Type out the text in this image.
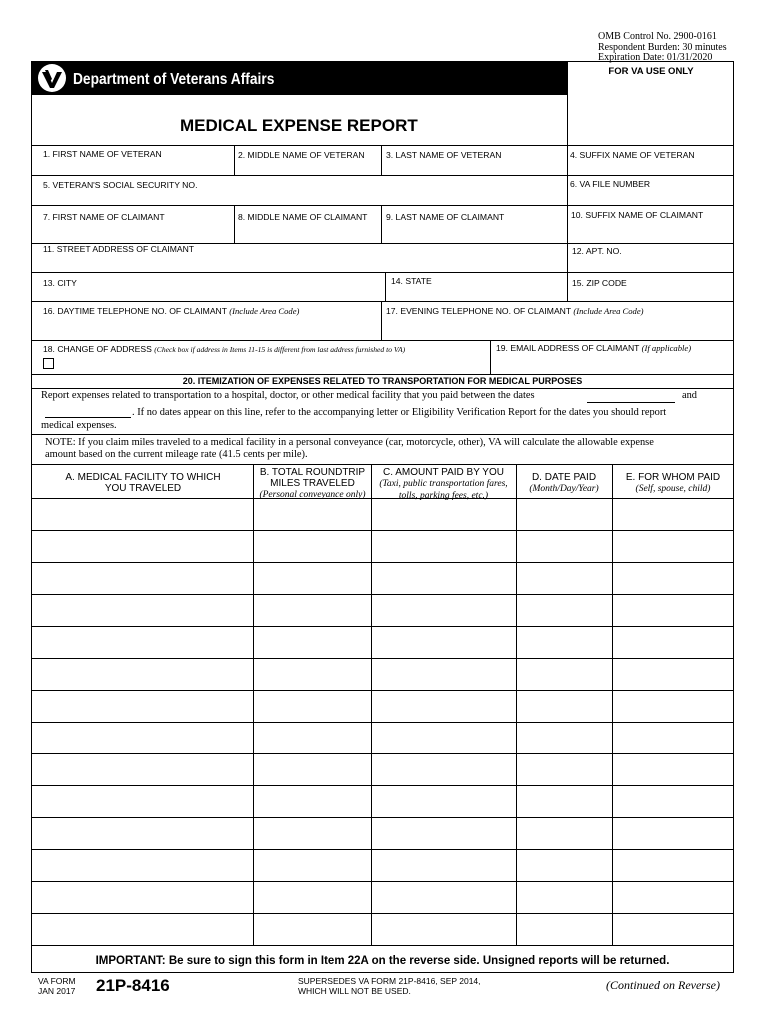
OMB Control No. 2900-0161
Respondent Burden: 30 minutes
Expiration Date: 01/31/2020
Department of Veterans Affairs	FOR VA USE ONLY
MEDICAL EXPENSE REPORT
1. FIRST NAME OF VETERAN	2. MIDDLE NAME OF VETERAN 3. LAST NAME OF VETERAN	4. SUFFIX NAME OF VETERAN
5. VETERAN'S SOCIAL SECURITY NO.	6. VA FILE NUMBER
7. FIRST NAME OF CLAIMANT	8. MIDDLE NAME OF CLAIMANT 9. LAST NAME OF CLAIMANT	10. SUFFIX NAME OF CLAIMANT
11. STREET ADDRESS OF CLAIMANT	12. APT. NO.
13. CITY	14. STATE	15. ZIP CODE
16. DAYTIME TELEPHONE NO. OF CLAIMANT (Include Area Code)	17. EVENING TELEPHONE NO. OF CLAIMANT (Include Area Code)
18. CHANGE OF ADDRESS (Check box if address in Items 11-15 is different from last address furnished to VA)	19. EMAIL ADDRESS OF CLAIMANT (If applicable)
20. ITEMIZATION OF EXPENSES RELATED TO TRANSPORTATION FOR MEDICAL PURPOSES
Report expenses related to transportation to a hospital, doctor, or other medical facility that you paid between the dates	and
. If no dates appear on this line, refer to the accompanying letter or Eligibility Verification Report for the dates you should report
medical expenses.
NOTE: If you claim miles traveled to a medical facility in a personal conveyance (car, motorcycle, other), VA will calculate the allowable expense
amount based on the current mileage rate (41.5 cents per mile).
A. MEDICAL FACILITY TO WHICH
YOU TRAVELED
B. TOTAL ROUNDTRIP
MILES TRAVELED
(Personal conveyance only)
C. AMOUNT PAID BY YOU
(Taxi, public transportation fares,
tolls, parking fees, etc.)
D. DATE PAID
(Month/Day/Year)
E. FOR WHOM PAID
(Self, spouse, child)
IMPORTANT: Be sure to sign this form in Item 22A on the reverse side. Unsigned reports will be returned.
VA FORM
JAN 2017 21P-8416	SUPERSEDES VA FORM 21P-8416, SEP 2014,
WHICH WILL NOT BE USED.	(Continued on Reverse)
